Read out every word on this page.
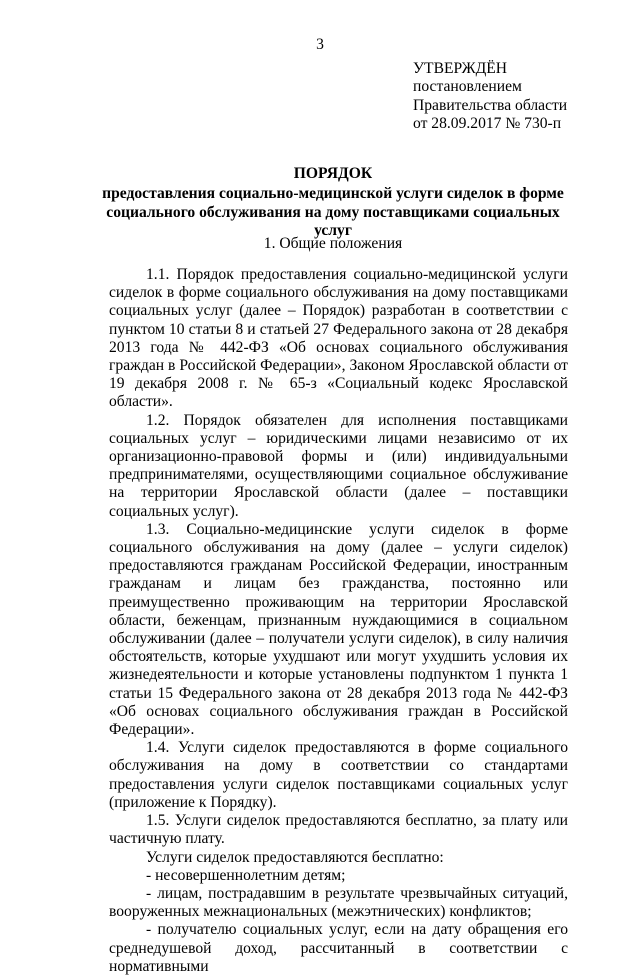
3
УТВЕРЖДЁН
постановлением
Правительства области
от 28.09.2017 № 730-п
ПОРЯДОК
предоставления социально-медицинской услуги сиделок в форме
социального обслуживания на дому поставщиками социальных услуг
1. Общие положения

1.1. Порядок предоставления социально-медицинской услуги сиделок в форме социального обслуживания на дому поставщиками социальных услуг (далее – Порядок) разработан в соответствии с пунктом 10 статьи 8 и статьей 27 Федерального закона от 28 декабря 2013 года № 442-ФЗ «Об основах социального обслуживания граждан в Российской Федерации», Законом Ярославской области от 19 декабря 2008 г. № 65-з «Социальный кодекс Ярославской области».

1.2. Порядок обязателен для исполнения поставщиками социальных услуг – юридическими лицами независимо от их организационно-правовой формы и (или) индивидуальными предпринимателями, осуществляющими социальное обслуживание на территории Ярославской области (далее – поставщики социальных услуг).

1.3. Социально-медицинские услуги сиделок в форме социального обслуживания на дому (далее – услуги сиделок) предоставляются гражданам Российской Федерации, иностранным гражданам и лицам без гражданства, постоянно или преимущественно проживающим на территории Ярославской области, беженцам, признанным нуждающимися в социальном обслуживании (далее – получатели услуги сиделок), в силу наличия обстоятельств, которые ухудшают или могут ухудшить условия их жизнедеятельности и которые установлены подпунктом 1 пункта 1 статьи 15 Федерального закона от 28 декабря 2013 года № 442-ФЗ «Об основах социального обслуживания граждан в Российской Федерации».

1.4. Услуги сиделок предоставляются в форме социального обслуживания на дому в соответствии со стандартами предоставления услуги сиделок поставщиками социальных услуг (приложение к Порядку).

1.5. Услуги сиделок предоставляются бесплатно, за плату или частичную плату.

Услуги сиделок предоставляются бесплатно:

- несовершеннолетним детям;

- лицам, пострадавшим в результате чрезвычайных ситуаций, вооруженных межнациональных (межэтнических) конфликтов;

- получателю социальных услуг, если на дату обращения его среднедушевой доход, рассчитанный в соответствии с нормативными
